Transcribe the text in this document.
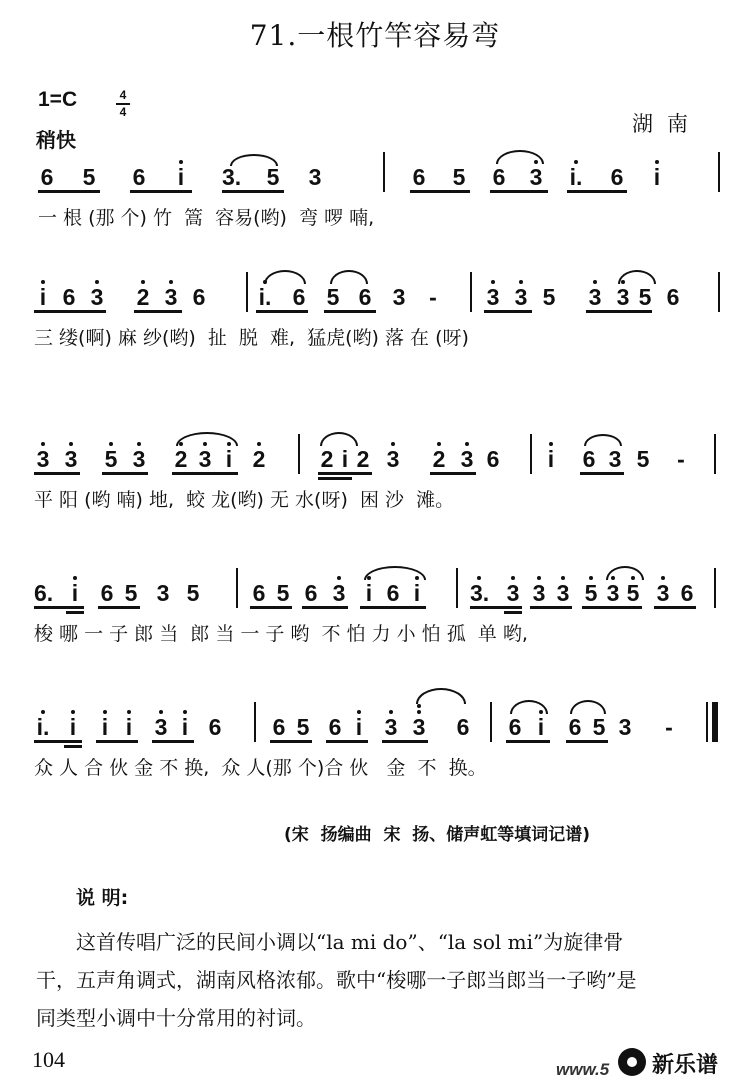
71.一根竹竿容易弯
1=C	4
4
稍快
湖南
6 5 6 i 3. 5 3	6 5 6 3 i. 6 i
一 根 (那 个) 竹  篙  容易(哟)  弯 啰 喃,
i 6 3 2 3 6 i. 6 5 6 3 - 3 3 5 3 3 5 6
三 缕(啊) 麻 纱(哟)  扯  脱  难,  猛虎(哟) 落 在 (呀)
3 3 5 3 2 3 i 2 2 i 2 3 2 3 6 i 6 3 5 -
平 阳 (哟 喃) 地,  蛟 龙(哟) 无 水(呀)  困 沙  滩。
6. i 6 5 3 5 6 5 6 3 i 6 i 3. 3 3 3 5 3 5 3 6
梭 哪 一 子 郎 当  郎 当 一 子 哟  不 怕 力 小 怕 孤  单 哟,
i. i i i 3 i 6 6 5 6 i 3 3 6 6 i 6 5 3 -
众 人 合 伙 金 不 换,  众 人(那 个)合 伙   金  不  换。
(宋  扬编曲  宋  扬、储声虹等填词记谱)
说 明:
这首传唱广泛的民间小调以“la mi do”、“la sol mi”为旋律骨
干，五声角调式，湖南风格浓郁。歌中“梭哪一子郎当郎当一子哟”是
同类型小调中十分常用的衬词。
104	www.5 新乐谱
